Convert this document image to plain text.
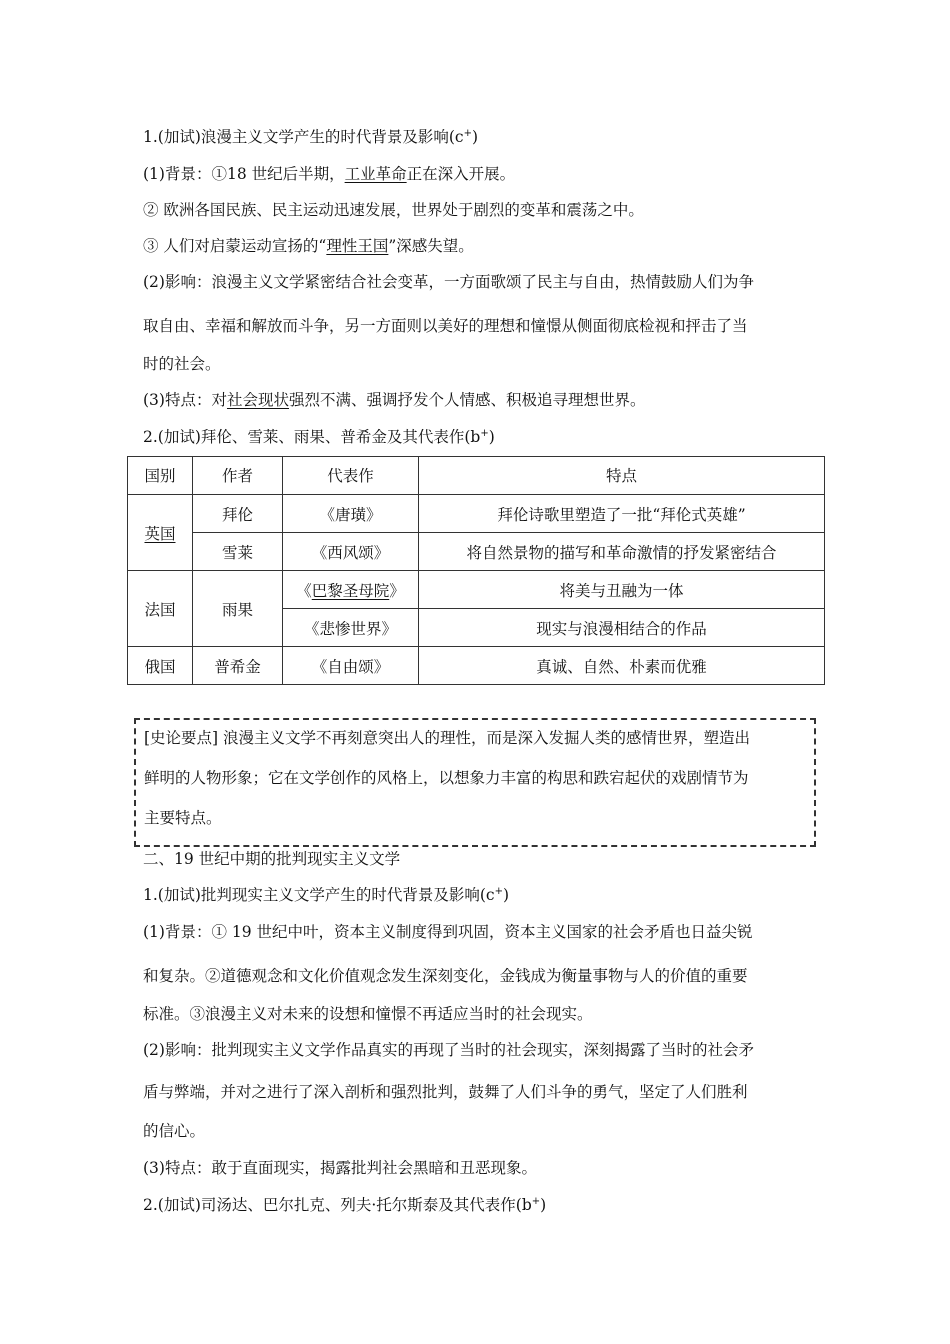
1.(加试)浪漫主义文学产生的时代背景及影响(c+)
(1)背景：①18 世纪后半期，工业革命正在深入开展。
② 欧洲各国民族、民主运动迅速发展，世界处于剧烈的变革和震荡之中。
③ 人们对启蒙运动宣扬的“理性王国”深感失望。
(2)影响：浪漫主义文学紧密结合社会变革，一方面歌颂了民主与自由，热情鼓励人们为争
取自由、幸福和解放而斗争，另一方面则以美好的理想和憧憬从侧面彻底检视和抨击了当
时的社会。
(3)特点：对社会现状强烈不满、强调抒发个人情感、积极追寻理想世界。
2.(加试)拜伦、雪莱、雨果、普希金及其代表作(b+)
国别	作者	代表作	特点
英国	拜伦	《唐璜》	拜伦诗歌里塑造了一批“拜伦式英雄”
	雪莱	《西风颂》	将自然景物的描写和革命激情的抒发紧密结合
法国	雨果	《巴黎圣母院》	将美与丑融为一体
		《悲惨世界》	现实与浪漫相结合的作品
俄国	普希金	《自由颂》	真诚、自然、朴素而优雅
[史论要点] 浪漫主义文学不再刻意突出人的理性，而是深入发掘人类的感情世界，塑造出
鲜明的人物形象；它在文学创作的风格上，以想象力丰富的构思和跌宕起伏的戏剧情节为
主要特点。
二、19 世纪中期的批判现实主义文学
1.(加试)批判现实主义文学产生的时代背景及影响(c+)
(1)背景：① 19 世纪中叶，资本主义制度得到巩固，资本主义国家的社会矛盾也日益尖锐
和复杂。②道德观念和文化价值观念发生深刻变化，金钱成为衡量事物与人的价值的重要
标准。③浪漫主义对未来的设想和憧憬不再适应当时的社会现实。
(2)影响：批判现实主义文学作品真实的再现了当时的社会现实，深刻揭露了当时的社会矛
盾与弊端，并对之进行了深入剖析和强烈批判，鼓舞了人们斗争的勇气，坚定了人们胜利
的信心。
(3)特点：敢于直面现实，揭露批判社会黑暗和丑恶现象。
2.(加试)司汤达、巴尔扎克、列夫·托尔斯泰及其代表作(b+)
